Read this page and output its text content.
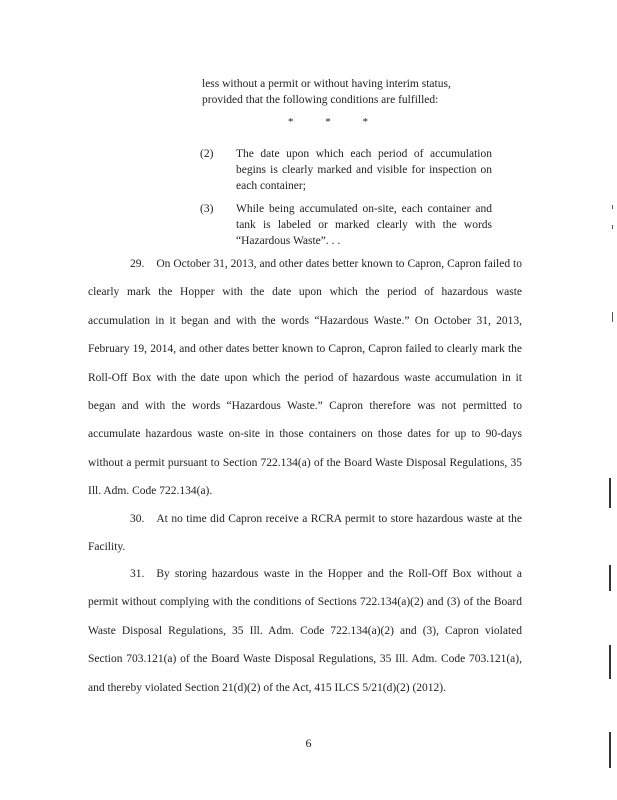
less without a permit or without having interim status,
provided that the following conditions are fulfilled:
*	*	*
(2) The date upon which each period of accumulation begins is clearly marked and visible for inspection on each container;
(3) While being accumulated on-site, each container and tank is labeled or marked clearly with the words “Hazardous Waste”. . .
29. On October 31, 2013, and other dates better known to Capron, Capron failed to clearly mark the Hopper with the date upon which the period of hazardous waste accumulation in it began and with the words “Hazardous Waste.” On October 31, 2013, February 19, 2014, and other dates better known to Capron, Capron failed to clearly mark the Roll-Off Box with the date upon which the period of hazardous waste accumulation in it began and with the words “Hazardous Waste.” Capron therefore was not permitted to accumulate hazardous waste on-site in those containers on those dates for up to 90-days without a permit pursuant to Section 722.134(a) of the Board Waste Disposal Regulations, 35 Ill. Adm. Code 722.134(a).
30. At no time did Capron receive a RCRA permit to store hazardous waste at the Facility.
31. By storing hazardous waste in the Hopper and the Roll-Off Box without a permit without complying with the conditions of Sections 722.134(a)(2) and (3) of the Board Waste Disposal Regulations, 35 Ill. Adm. Code 722.134(a)(2) and (3), Capron violated Section 703.121(a) of the Board Waste Disposal Regulations, 35 Ill. Adm. Code 703.121(a), and thereby violated Section 21(d)(2) of the Act, 415 ILCS 5/21(d)(2) (2012).
6
